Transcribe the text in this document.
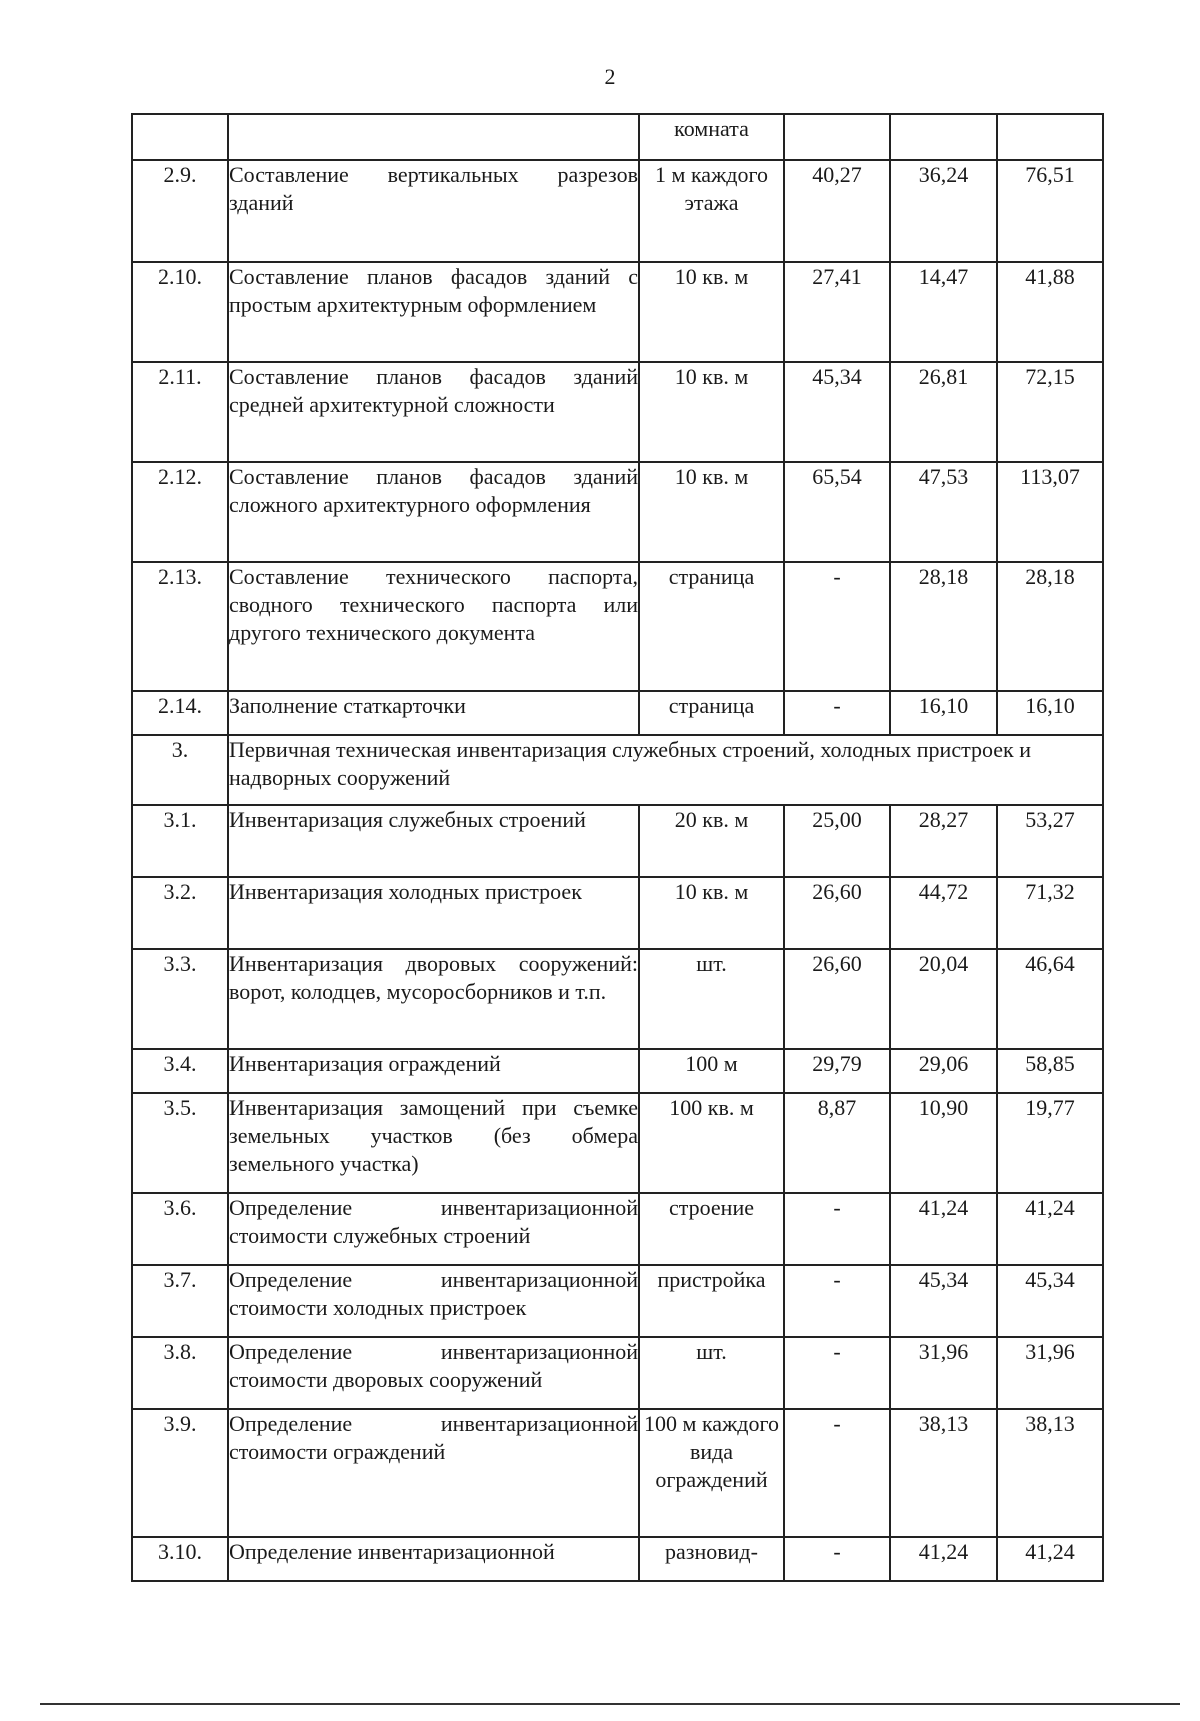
2
		комната			
2.9.	Составление вертикальных разрезов зданий	1 м каждого этажа	40,27	36,24	76,51
2.10.	Составление планов фасадов зданий с простым архитектурным оформлением	10 кв. м	27,41	14,47	41,88
2.11.	Составление планов фасадов зданий средней архитектурной сложности	10 кв. м	45,34	26,81	72,15
2.12.	Составление планов фасадов зданий сложного архитектурного оформления	10 кв. м	65,54	47,53	113,07
2.13.	Составление технического паспорта, сводного технического паспорта или другого технического документа	страница	-	28,18	28,18
2.14.	Заполнение статкарточки	страница	-	16,10	16,10
3.	Первичная техническая инвентаризация служебных строений, холодных пристроек и надворных сооружений				
3.1.	Инвентаризация служебных строений	20 кв. м	25,00	28,27	53,27
3.2.	Инвентаризация холодных пристроек	10 кв. м	26,60	44,72	71,32
3.3.	Инвентаризация дворовых сооружений: ворот, колодцев, мусоросборников и т.п.	шт.	26,60	20,04	46,64
3.4.	Инвентаризация ограждений	100 м	29,79	29,06	58,85
3.5.	Инвентаризация замощений при съемке земельных участков (без обмера земельного участка)	100 кв. м	8,87	10,90	19,77
3.6.	Определение инвентаризационной стоимости служебных строений	строение	-	41,24	41,24
3.7.	Определение инвентаризационной стоимости холодных пристроек	пристройка	-	45,34	45,34
3.8.	Определение инвентаризационной стоимости дворовых сооружений	шт.	-	31,96	31,96
3.9.	Определение инвентаризационной стоимости ограждений	100 м каждого вида ограждений	-	38,13	38,13
3.10.	Определение инвентаризационной	разновид-	-	41,24	41,24
